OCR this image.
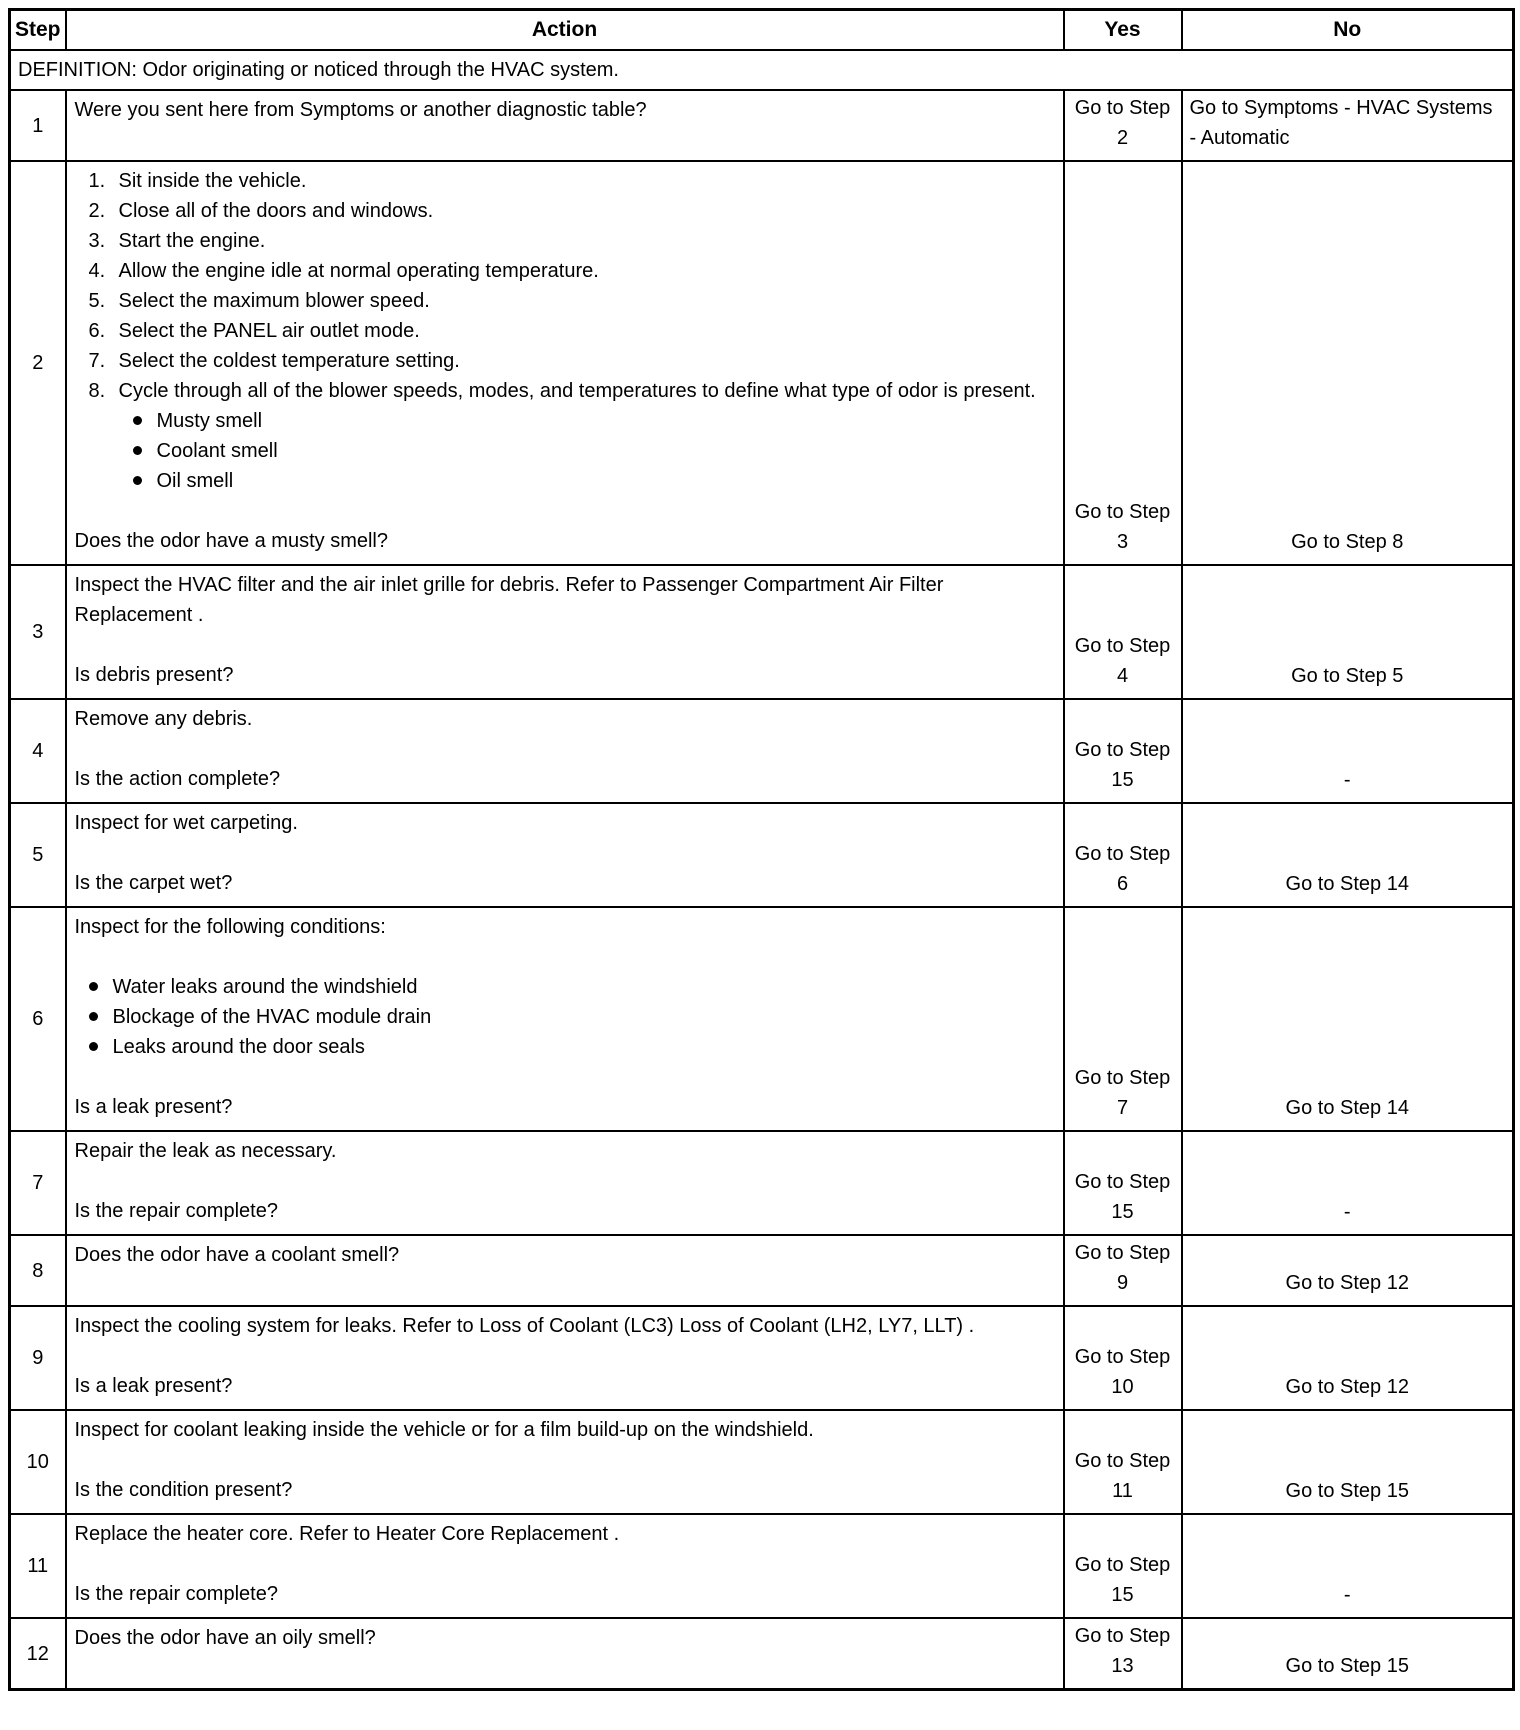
Step	Action	Yes	No
DEFINITION: Odor originating or noticed through the HVAC system.			
1	Were you sent here from Symptoms or another diagnostic table?	Go to Step 2	Go to Symptoms - HVAC Systems - Automatic
2	
1. Sit inside the vehicle.
2. Close all of the doors and windows.
3. Start the engine.
4. Allow the engine idle at normal operating temperature.
5. Select the maximum blower speed.
6. Select the PANEL air outlet mode.
7. Select the coldest temperature setting.
8. Cycle through all of the blower speeds, modes, and temperatures to define what type of odor is present.
Musty smell
Coolant smell
Oil smell
Does the odor have a musty smell?
	Go to Step 3	Go to Step 8
3	Inspect the HVAC filter and the air inlet grille for debris. Refer to Passenger Compartment Air Filter Replacement .
Is debris present?	Go to Step 4	Go to Step 5
4	Remove any debris.
Is the action complete?	Go to Step 15	-
5	Inspect for wet carpeting.
Is the carpet wet?	Go to Step 6	Go to Step 14
6	Inspect for the following conditions:
Water leaks around the windshield
Blockage of the HVAC module drain
Leaks around the door seals
Is a leak present?	Go to Step 7	Go to Step 14
7	Repair the leak as necessary.
Is the repair complete?	Go to Step 15	-
8	Does the odor have a coolant smell?	Go to Step 9	Go to Step 12
9	Inspect the cooling system for leaks. Refer to Loss of Coolant (LC3) Loss of Coolant (LH2, LY7, LLT) .
Is a leak present?	Go to Step 10	Go to Step 12
10	Inspect for coolant leaking inside the vehicle or for a film build-up on the windshield.
Is the condition present?	Go to Step 11	Go to Step 15
11	Replace the heater core. Refer to Heater Core Replacement .
Is the repair complete?	Go to Step 15	-
12	Does the odor have an oily smell?	Go to Step 13	Go to Step 15
